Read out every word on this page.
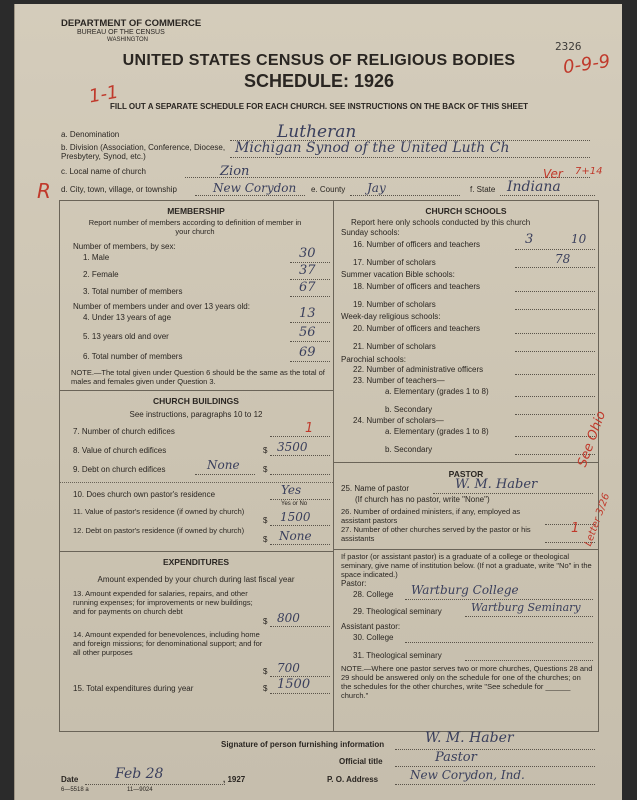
DEPARTMENT OF COMMERCE
BUREAU OF THE CENSUS
WASHINGTON	2326
0-9-9
1-1
UNITED STATES CENSUS OF RELIGIOUS BODIES
SCHEDULE: 1926
FILL OUT A SEPARATE SCHEDULE FOR EACH CHURCH. SEE INSTRUCTIONS ON THE BACK OF THIS SHEET
R
a. Denomination	Lutheran
b. Division (Association, Conference, Diocese, Presbytery, Synod, etc.)
Michigan Synod of the United Luth Ch
c. Local name of church	Zion	Ver 7+14
d. City, town, village, or township	New Corydon e. County Jay	f. State Indiana
MEMBERSHIP
Report number of members according to definition of member in your church
Number of members, by sex:
1. Male	30
2. Female	37
3. Total number of members	67
Number of members under and over 13 years old:
4. Under 13 years of age	13
5. 13 years old and over	56
6. Total number of members	69
NOTE.—The total given under Question 6 should be the same as the total of males and females given under Question 3.
CHURCH BUILDINGS
See instructions, paragraphs 10 to 12
7. Number of church edifices	1
8. Value of church edifices	$ 3500
9. Debt on church edifices	None	$
10. Does church own pastor's residence	Yes
Yes or No
11. Value of pastor's residence (if owned by church)
$ 1500
12. Debt on pastor's residence (if owned by church)
$ None
EXPENDITURES
Amount expended by your church during last fiscal year
13. Amount expended for salaries, repairs, and other running expenses; for improvements or new buildings; and for payments on church debt
$ 800
14. Amount expended for benevolences, including home and foreign missions; for denominational support; and for all other purposes
$ 700
15. Total expenditures during year	$ 1500
CHURCH SCHOOLS
Report here only schools conducted by this church
Sunday schools:
16. Number of officers and teachers	3	10
17. Number of scholars	78
Summer vacation Bible schools:
18. Number of officers and teachers
19. Number of scholars
Week-day religious schools:
20. Number of officers and teachers
21. Number of scholars
Parochial schools:
22. Number of administrative officers
23. Number of teachers—
a. Elementary (grades 1 to 8)
b. Secondary
24. Number of scholars—
a. Elementary (grades 1 to 8)
b. Secondary
PASTOR
25. Name of pastor	W. M. Haber
(If church has no pastor, write "None")
26. Number of ordained ministers, if any, employed as assistant pastors
27. Number of other churches served by the pastor or his assistants
1
If pastor (or assistant pastor) is a graduate of a college or theological seminary, give name of institution below. (If not a graduate, write "No" in the space indicated.)
Pastor:
28. College Wartburg College
29. Theological seminary	Wartburg Seminary
Assistant pastor:
30. College
31. Theological seminary
NOTE.—Where one pastor serves two or more churches, Questions 28 and 29 should be answered only on the schedule for one of the churches; on the schedules for the other churches, write "See schedule for ______ church."
See Ohio
Letter 3/26
Signature of person furnishing information	W. M. Haber
Official title	Pastor
Date	Feb 28	, 1927	P. O. Address	New Corydon, Ind.
6—5518 a	11—9024
